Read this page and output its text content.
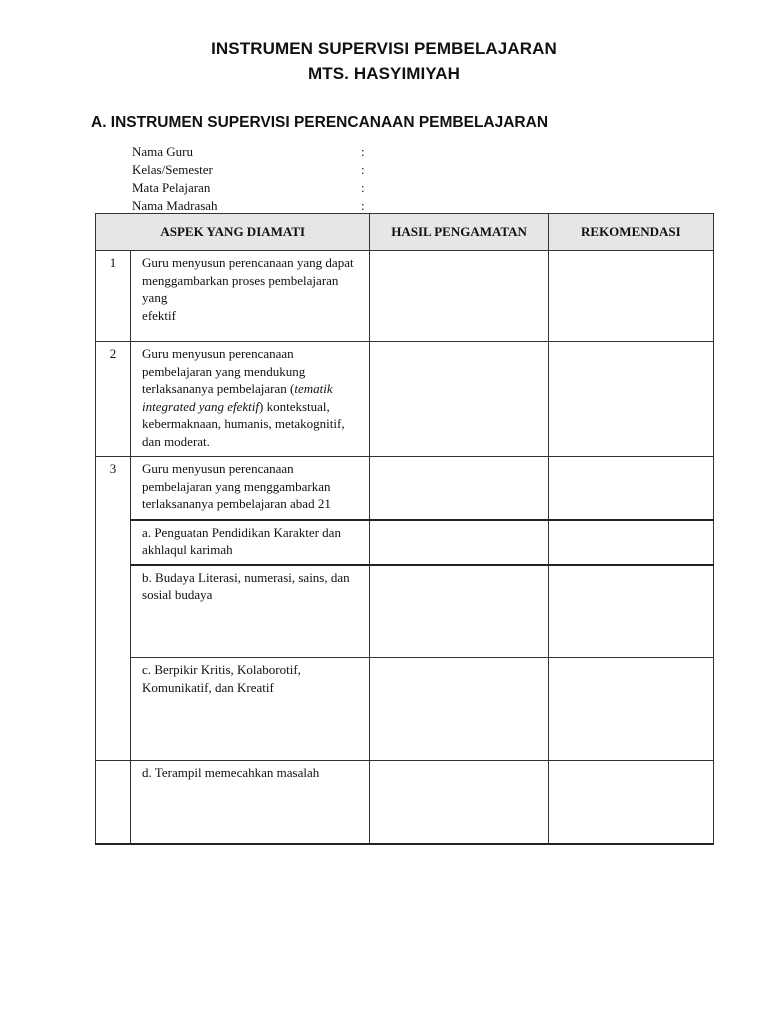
INSTRUMEN SUPERVISI PEMBELAJARAN
MTS. HASYIMIYAH
A. INSTRUMEN SUPERVISI PERENCANAAN PEMBELAJARAN
Nama Guru	:
Kelas/Semester	:
Mata Pelajaran	:
Nama Madrasah	:
ASPEK YANG DIAMATI		HASIL PENGAMATAN	REKOMENDASI
1	Guru menyusun perencanaan yang dapat menggambarkan proses pembelajaran yang
efektif		
2	Guru menyusun perencanaan pembelajaran yang mendukung terlaksananya pembelajaran (tematik integrated yang efektif) kontekstual, kebermaknaan, humanis, metakognitif, dan moderat.		
3	Guru menyusun perencanaan pembelajaran yang menggambarkan terlaksananya pembelajaran abad 21		
	a. Penguatan Pendidikan Karakter dan akhlaqul karimah		
	b. Budaya Literasi, numerasi, sains, dan sosial budaya		
	c. Berpikir Kritis, Kolaborotif, Komunikatif, dan Kreatif		
	d. Terampil memecahkan masalah		
